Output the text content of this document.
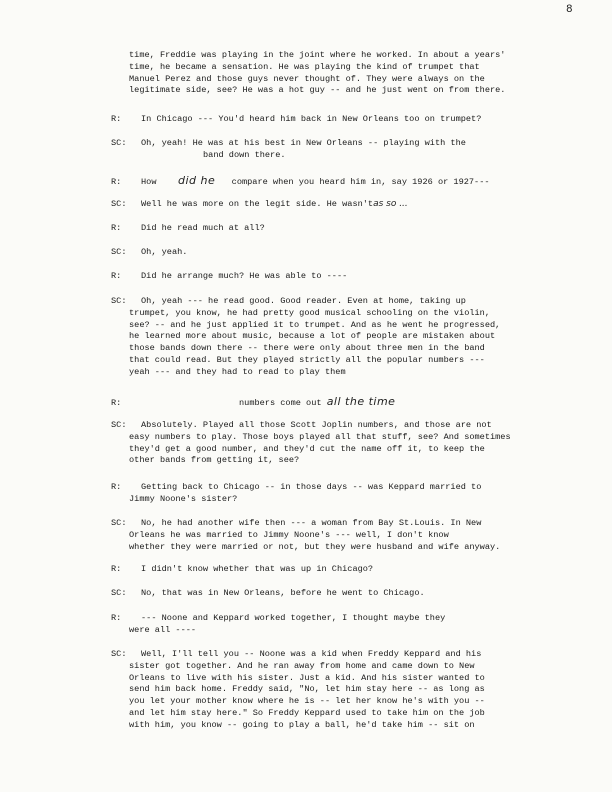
8
time, Freddie was playing in the joint where he worked. In about a years'
time, he became a sensation. He was playing the kind of trumpet that
Manuel Perez and those guys never thought of. They were always on the
legitimate side, see? He was a hot guy -- and he just went on from there.
R: In Chicago --- You'd heard him back in New Orleans too on trumpet?
SC: Oh, yeah! He was at his best in New Orleans -- playing with the
band down there.
R: How did he compare when you heard him in, say 1926 or 1927---
SC: Well he was more on the legit side. He wasn'tas so ...
R: Did he read much at all?
SC: Oh, yeah.
R: Did he arrange much? He was able to ----
SC: Oh, yeah --- he read good. Good reader. Even at home, taking up
trumpet, you know, he had pretty good musical schooling on the violin,
see? -- and he just applied it to trumpet. And as he went he progressed,
he learned more about music, because a lot of people are mistaken about
those bands down there -- there were only about three men in the band
that could read. But they played strictly all the popular numbers ---
yeah --- and they had to read to play them
R:	numbers come out all the time
SC: Absolutely. Played all those Scott Joplin numbers, and those are not
easy numbers to play. Those boys played all that stuff, see? And sometimes
they'd get a good number, and they'd cut the name off it, to keep the
other bands from getting it, see?
R: Getting back to Chicago -- in those days -- was Keppard married to
Jimmy Noone's sister?
SC: No, he had another wife then --- a woman from Bay St.Louis. In New
Orleans he was married to Jimmy Noone's --- well, I don't know
whether they were married or not, but they were husband and wife anyway.
R: I didn't know whether that was up in Chicago?
SC: No, that was in New Orleans, before he went to Chicago.
R: --- Noone and Keppard worked together, I thought maybe they
were all ----
SC: Well, I'll tell you -- Noone was a kid when Freddy Keppard and his
sister got together. And he ran away from home and came down to New
Orleans to live with his sister. Just a kid. And his sister wanted to
send him back home. Freddy said, "No, let him stay here -- as long as
you let your mother know where he is -- let her know he's with you --
and let him stay here." So Freddy Keppard used to take him on the job
with him, you know -- going to play a ball, he'd take him -- sit on
